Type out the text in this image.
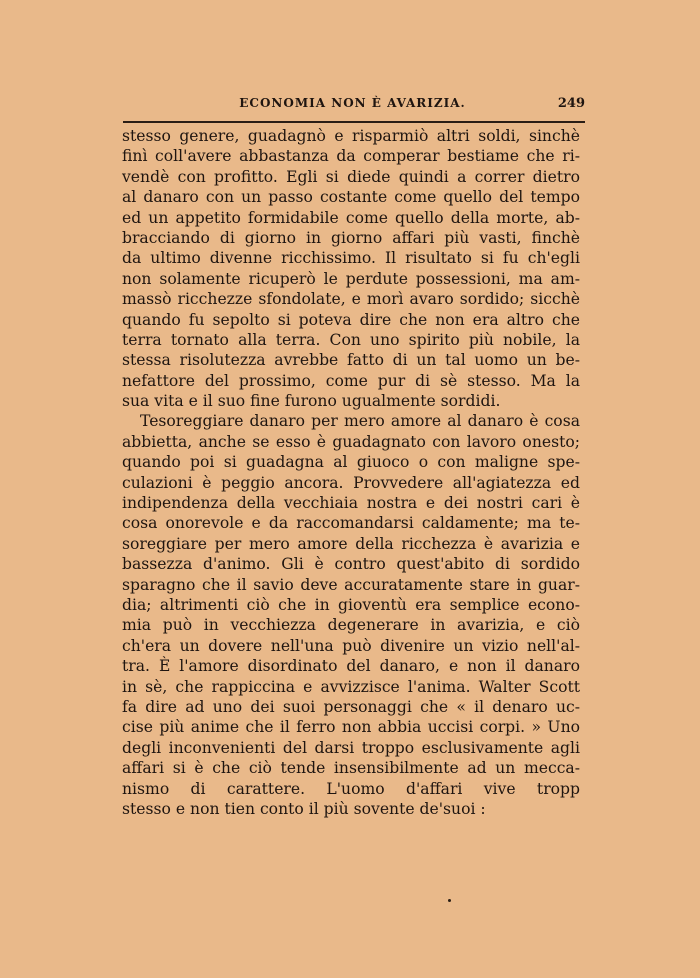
ECONOMIA NON È AVARIZIA.	249
stesso genere, guadagnò e risparmiò altri soldi, sinchè
finì coll'avere abbastanza da comperar bestiame che ri-
vendè con profitto. Egli si diede quindi a correr dietro
al danaro con un passo costante come quello del tempo
ed un appetito formidabile come quello della morte, ab-
bracciando di giorno in giorno affari più vasti, finchè
da ultimo divenne ricchissimo. Il risultato si fu ch'egli
non solamente ricuperò le perdute possessioni, ma am-
massò ricchezze sfondolate, e morì avaro sordido; sicchè
quando fu sepolto si poteva dire che non era altro che
terra tornato alla terra. Con uno spirito più nobile, la
stessa risolutezza avrebbe fatto di un tal uomo un be-
nefattore del prossimo, come pur di sè stesso. Ma la
sua vita e il suo fine furono ugualmente sordidi.
Tesoreggiare danaro per mero amore al danaro è cosa
abbietta, anche se esso è guadagnato con lavoro onesto;
quando poi si guadagna al giuoco o con maligne spe-
culazioni è peggio ancora. Provvedere all'agiatezza ed
indipendenza della vecchiaia nostra e dei nostri cari è
cosa onorevole e da raccomandarsi caldamente; ma te-
soreggiare per mero amore della ricchezza è avarizia e
bassezza d'animo. Gli è contro quest'abito di sordido
sparagno che il savio deve accuratamente stare in guar-
dia; altrimenti ciò che in gioventù era semplice econo-
mia può in vecchiezza degenerare in avarizia, e ciò
ch'era un dovere nell'una può divenire un vizio nell'al-
tra. È l'amore disordinato del danaro, e non il danaro
in sè, che rappiccina e avvizzisce l'anima. Walter Scott
fa dire ad uno dei suoi personaggi che « il denaro uc-
cise più anime che il ferro non abbia uccisi corpi. » Uno
degli inconvenienti del darsi troppo esclusivamente agli
affari si è che ciò tende insensibilmente ad un mecca-
nismo di carattere. L'uomo d'affari vive tropp
stesso e non tien conto il più sovente de'suoi :
